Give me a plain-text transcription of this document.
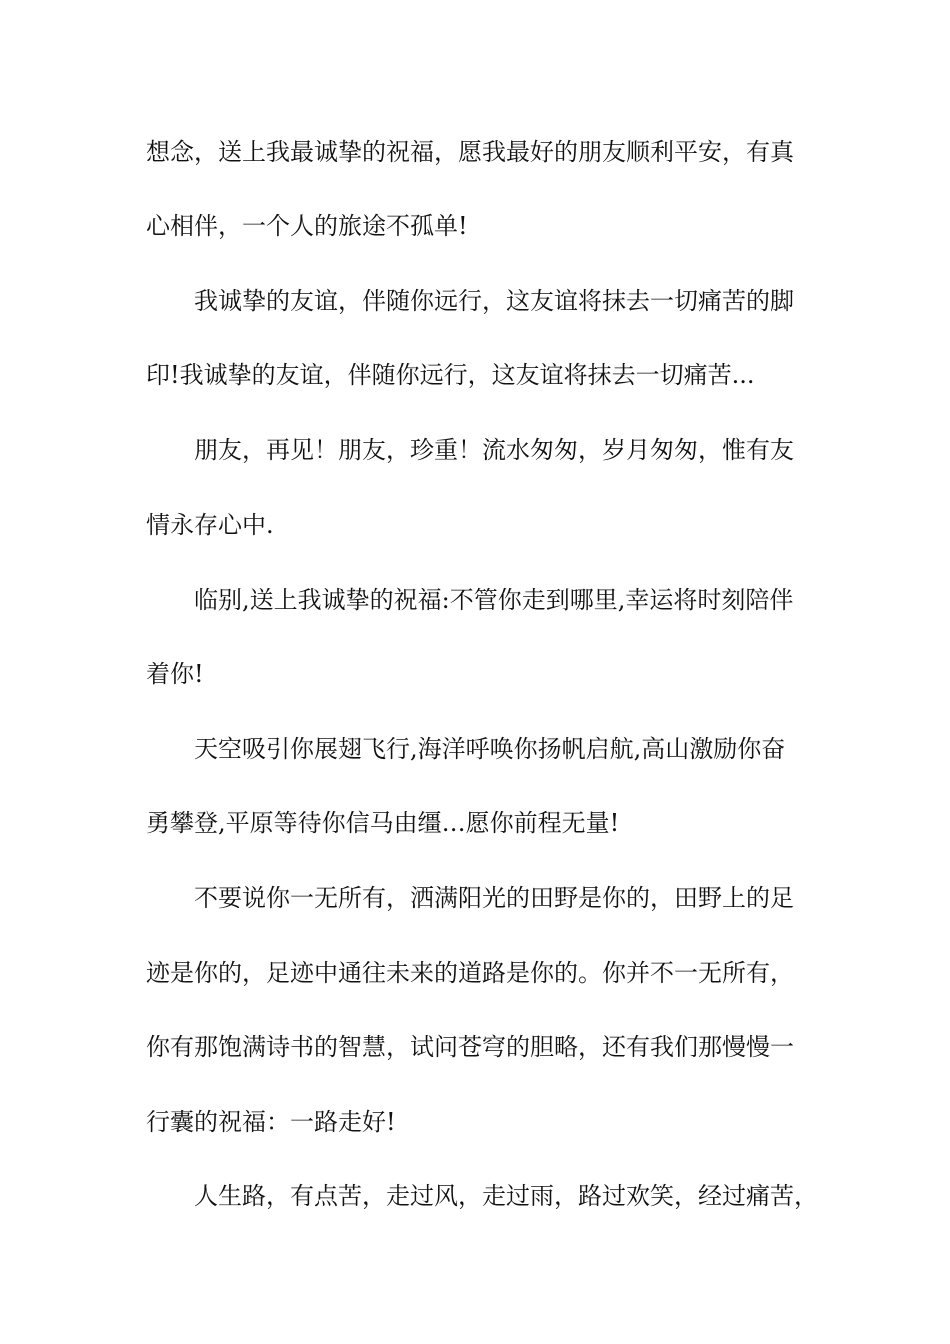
想念，送上我最诚挚的祝福，愿我最好的朋友顺利平安，有真
心相伴，一个人的旅途不孤单!
我诚挚的友谊，伴随你远行，这友谊将抹去一切痛苦的脚
印!我诚挚的友谊，伴随你远行，这友谊将抹去一切痛苦...
朋友，再见！朋友，珍重！流水匆匆，岁月匆匆，惟有友
情永存心中.
临别,送上我诚挚的祝福:不管你走到哪里,幸运将时刻陪伴
着你!
天空吸引你展翅飞行,海洋呼唤你扬帆启航,高山激励你奋
勇攀登,平原等待你信马由缰…愿你前程无量!
不要说你一无所有，洒满阳光的田野是你的，田野上的足
迹是你的，足迹中通往未来的道路是你的。你并不一无所有，
你有那饱满诗书的智慧，试问苍穹的胆略，还有我们那慢慢一
行囊的祝福：一路走好!
人生路，有点苦，走过风，走过雨，路过欢笑，经过痛苦，
